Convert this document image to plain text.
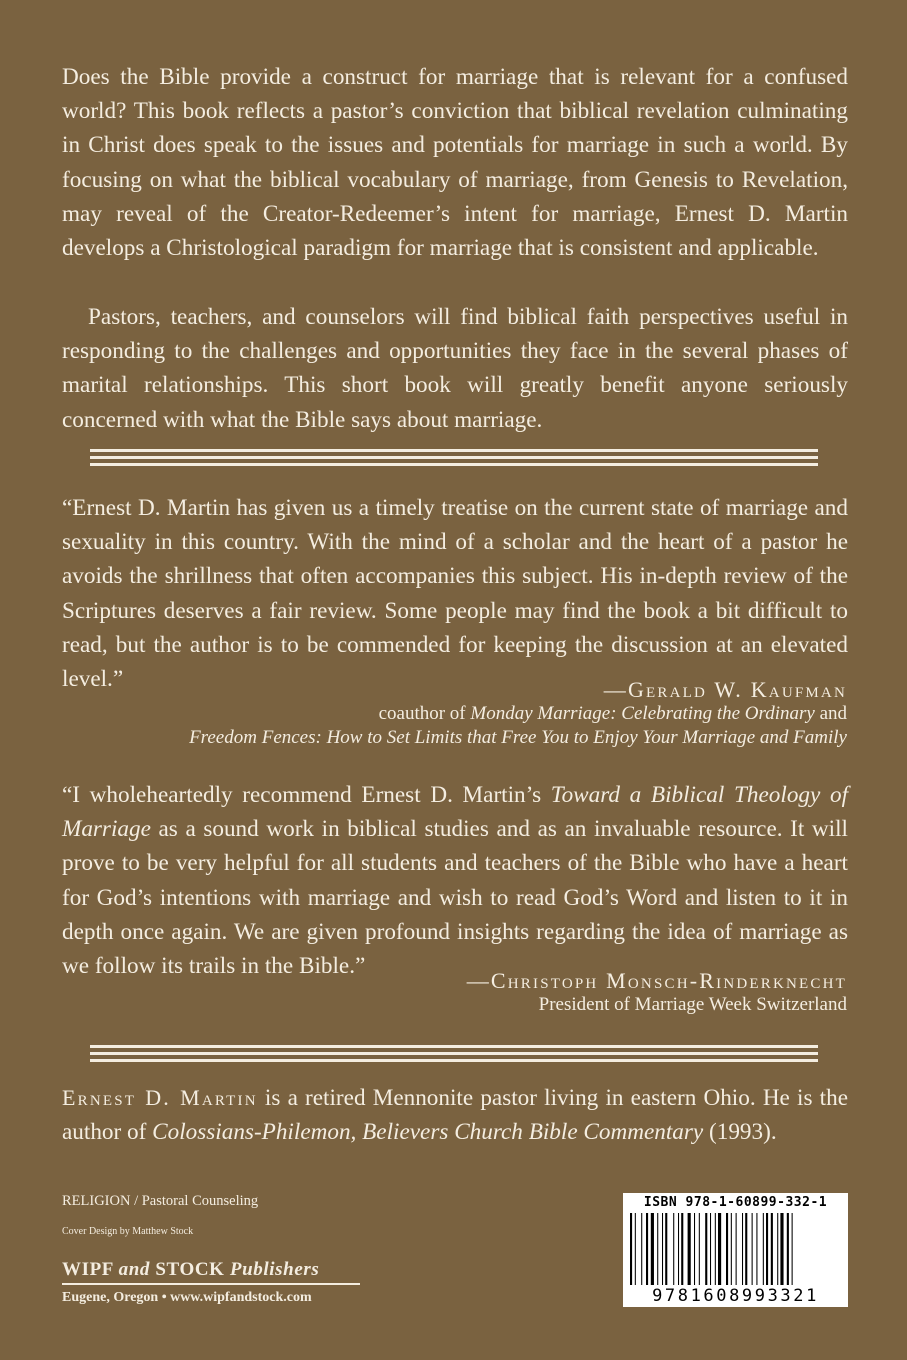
Does the Bible provide a construct for marriage that is relevant for a confused world? This book reflects a pastor’s conviction that biblical revelation culminating in Christ does speak to the issues and potentials for marriage in such a world. By focusing on what the biblical vocabulary of marriage, from Genesis to Revelation, may reveal of the Creator-Redeemer’s intent for marriage, Ernest D. Martin develops a Christological paradigm for marriage that is consistent and applicable.

Pastors, teachers, and counselors will find biblical faith perspectives useful in responding to the challenges and opportunities they face in the several phases of marital relationships. This short book will greatly benefit anyone seriously concerned with what the Bible says about marriage.

“Ernest D. Martin has given us a timely treatise on the current state of marriage and sexuality in this country. With the mind of a scholar and the heart of a pastor he avoids the shrillness that often accompanies this subject. His in-depth review of the Scriptures deserves a fair review. Some people may find the book a bit difficult to read, but the author is to be commended for keeping the discussion at an elevated level.”	—Gerald W. Kaufman
coauthor of Monday Marriage: Celebrating the Ordinary and
Freedom Fences: How to Set Limits that Free You to Enjoy Your Marriage and Family

“I wholeheartedly recommend Ernest D. Martin’s Toward a Biblical Theology of Marriage as a sound work in biblical studies and as an invaluable resource. It will prove to be very helpful for all students and teachers of the Bible who have a heart for God’s intentions with marriage and wish to read God’s Word and listen to it in depth once again. We are given profound insights regarding the idea of marriage as we follow its trails in the Bible.”

—Christoph Monsch-Rinderknecht
President of Marriage Week Switzerland

Ernest D. Martin is a retired Mennonite pastor living in eastern Ohio. He is the author of Colossians-Philemon, Believers Church Bible Commentary (1993).

RELIGION / Pastoral Counseling
Cover Design by Matthew Stock
WIPF and STOCK Publishers
Eugene, Oregon • www.wipfandstock.com
ISBN 978-1-60899-332-1
9781608993321
